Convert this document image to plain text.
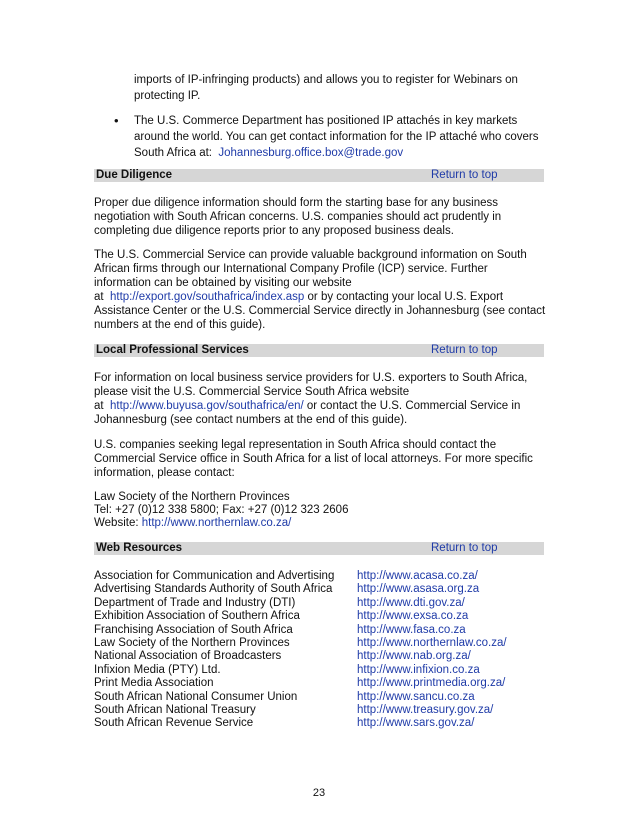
imports of IP-infringing products) and allows you to register for Webinars on
protecting IP.
• The U.S. Commerce Department has positioned IP attachés in key markets
around the world. You can get contact information for the IP attaché who covers
South Africa at: Johannesburg.office.box@trade.gov
Due Diligence	Return to top
Proper due diligence information should form the starting base for any business
negotiation with South African concerns. U.S. companies should act prudently in
completing due diligence reports prior to any proposed business deals.
The U.S. Commercial Service can provide valuable background information on South
African firms through our International Company Profile (ICP) service. Further
information can be obtained by visiting our website
at http://export.gov/southafrica/index.asp or by contacting your local U.S. Export
Assistance Center or the U.S. Commercial Service directly in Johannesburg (see contact
numbers at the end of this guide).
Local Professional Services	Return to top
For information on local business service providers for U.S. exporters to South Africa,
please visit the U.S. Commercial Service South Africa website
at http://www.buyusa.gov/southafrica/en/ or contact the U.S. Commercial Service in
Johannesburg (see contact numbers at the end of this guide).
U.S. companies seeking legal representation in South Africa should contact the
Commercial Service office in South Africa for a list of local attorneys. For more specific
information, please contact:
Law Society of the Northern Provinces
Tel: +27 (0)12 338 5800; Fax: +27 (0)12 323 2606
Website: http://www.northernlaw.co.za/
Web Resources	Return to top
Association for Communication and Advertising http://www.acasa.co.za/
Advertising Standards Authority of South Africa http://www.asasa.org.za
Department of Trade and Industry (DTI)	http://www.dti.gov.za/
Exhibition Association of Southern Africa	http://www.exsa.co.za
Franchising Association of South Africa	http://www.fasa.co.za
Law Society of the Northern Provinces	http://www.northernlaw.co.za/
National Association of Broadcasters	http://www.nab.org.za/
Infixion Media (PTY) Ltd.	http://www.infixion.co.za
Print Media Association	http://www.printmedia.org.za/
South African National Consumer Union	http://www.sancu.co.za
South African National Treasury	http://www.treasury.gov.za/
South African Revenue Service	http://www.sars.gov.za/
23
